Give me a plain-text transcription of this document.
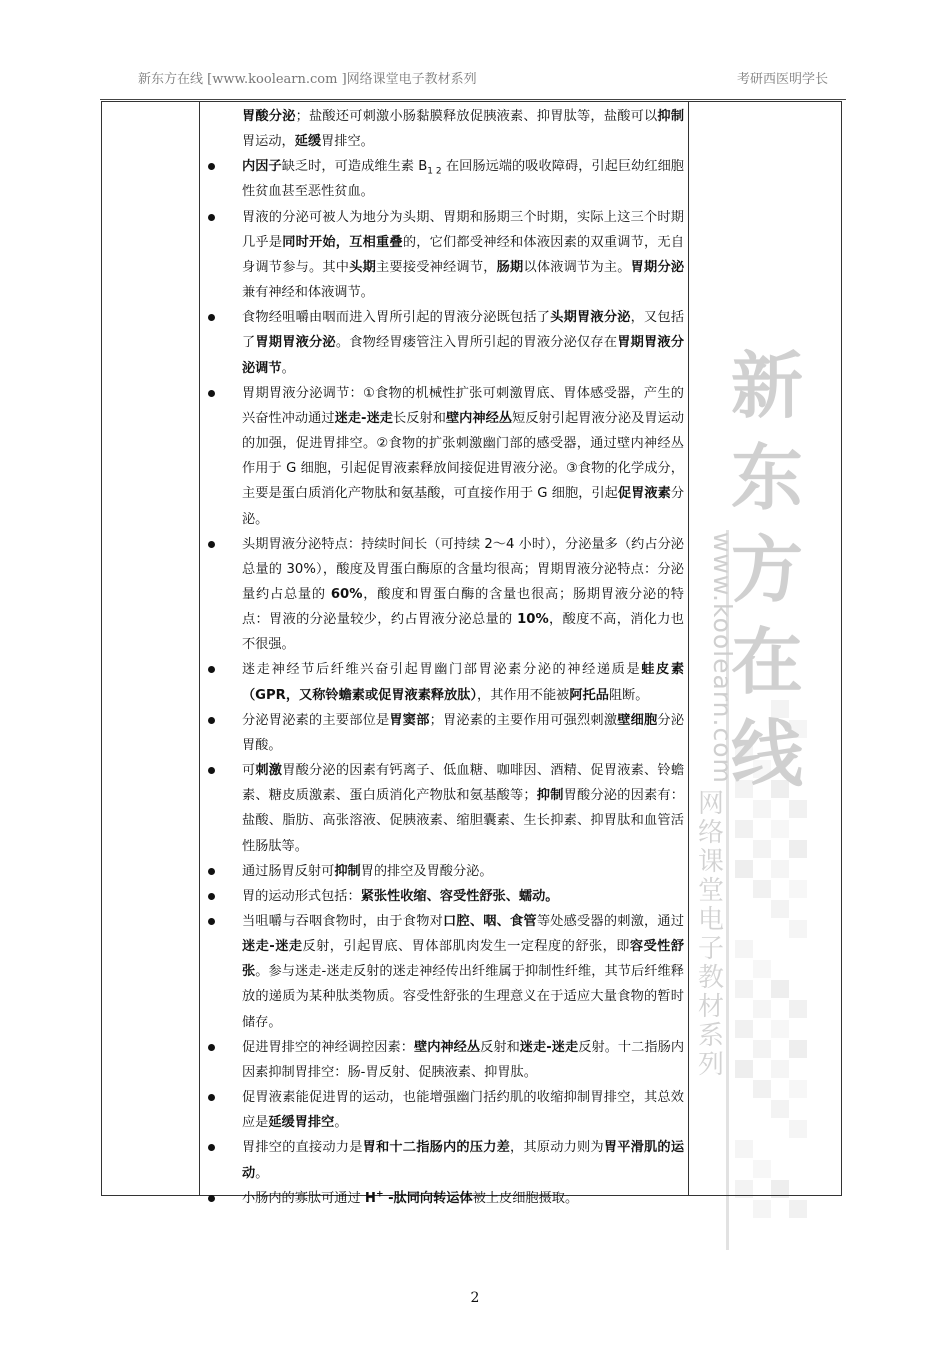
新东方在线 [www.koolearn.com ]网络课堂电子教材系列	考研西医明学长
新东方在线
www.koolearn.com
网络课堂电子教材系列

胃酸分泌；盐酸还可刺激小肠黏膜释放促胰液素、抑胃肽等，盐酸可以抑制胃运动，延缓胃排空。

内因子缺乏时，可造成维生素 $B_{1 2}$ 在回肠远端的吸收障碍，引起巨幼红细胞性贫血甚至恶性贫血。

胃液的分泌可被人为地分为头期、胃期和肠期三个时期，实际上这三个时期几乎是同时开始，互相重叠的，它们都受神经和体液因素的双重调节，无自身调节参与。其中头期主要接受神经调节，肠期以体液调节为主。胃期分泌兼有神经和体液调节。

食物经咀嚼由咽而进入胃所引起的胃液分泌既包括了头期胃液分泌，又包括了胃期胃液分泌。食物经胃瘘管注入胃所引起的胃液分泌仅存在胃期胃液分泌调节。

胃期胃液分泌调节：①食物的机械性扩张可刺激胃底、胃体感受器，产生的兴奋性冲动通过迷走-迷走长反射和壁内神经丛短反射引起胃液分泌及胃运动的加强，促进胃排空。②食物的扩张刺激幽门部的感受器，通过壁内神经丛作用于 G 细胞，引起促胃液素释放间接促进胃液分泌。③食物的化学成分，主要是蛋白质消化产物肽和氨基酸，可直接作用于 G 细胞，引起促胃液素分泌。

头期胃液分泌特点：持续时间长（可持续 2～4 小时），分泌量多（约占分泌总量的 30%），酸度及胃蛋白酶原的含量均很高；胃期胃液分泌特点：分泌量约占总量的 60%，酸度和胃蛋白酶的含量也很高；肠期胃液分泌的特点：胃液的分泌量较少，约占胃液分泌总量的 10%，酸度不高，消化力也不很强。

迷走神经节后纤维兴奋引起胃幽门部胃泌素分泌的神经递质是蛙皮素（GPR，又称铃蟾素或促胃液素释放肽），其作用不能被阿托品阻断。

分泌胃泌素的主要部位是胃窦部；胃泌素的主要作用可强烈刺激壁细胞分泌胃酸。

可刺激胃酸分泌的因素有钙离子、低血糖、咖啡因、酒精、促胃液素、铃蟾素、糖皮质激素、蛋白质消化产物肽和氨基酸等；抑制胃酸分泌的因素有：盐酸、脂肪、高张溶液、促胰液素、缩胆囊素、生长抑素、抑胃肽和血管活性肠肽等。

通过肠胃反射可抑制胃的排空及胃酸分泌。

胃的运动形式包括：紧张性收缩、容受性舒张、蠕动。

当咀嚼与吞咽食物时，由于食物对口腔、咽、食管等处感受器的刺激，通过迷走-迷走反射，引起胃底、胃体部肌肉发生一定程度的舒张，即容受性舒张。参与迷走-迷走反射的迷走神经传出纤维属于抑制性纤维，其节后纤维释放的递质为某种肽类物质。容受性舒张的生理意义在于适应大量食物的暂时储存。

促进胃排空的神经调控因素：壁内神经丛反射和迷走-迷走反射。十二指肠内因素抑制胃排空：肠-胃反射、促胰液素、抑胃肽。

促胃液素能促进胃的运动，也能增强幽门括约肌的收缩抑制胃排空，其总效应是延缓胃排空。

胃排空的直接动力是胃和十二指肠内的压力差，其原动力则为胃平滑肌的运动。

小肠内的寡肽可通过 H+ -肽同向转运体被上皮细胞摄取。

2
